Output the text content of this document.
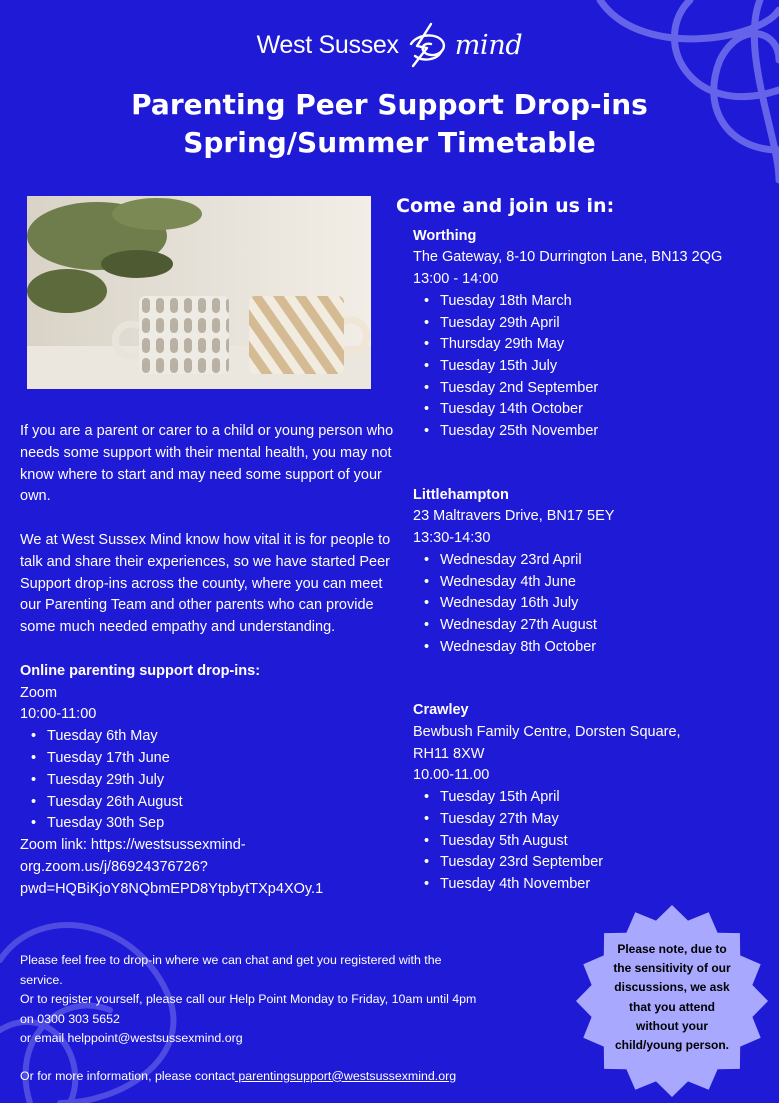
West Sussex mind
Parenting Peer Support Drop-ins
Spring/Summer Timetable

If you are a parent or carer to a child or young person who needs some support with their mental health, you may not know where to start and may need some support of your own.

We at West Sussex Mind know how vital it is for people to talk and share their experiences, so we have started Peer Support drop-ins across the county, where you can meet our Parenting Team and other parents who can provide some much needed empathy and understanding.

Online parenting support drop-ins:
Zoom
10:00-11:00
• Tuesday 6th May
• Tuesday 17th June
• Tuesday 29th July
• Tuesday 26th August
• Tuesday 30th Sep
Zoom link: https://westsussexmind-
org.zoom.us/j/86924376726?
pwd=HQBiKjoY8NQbmEPD8YtpbytTXp4XOy.1
Come and join us in:
Worthing
The Gateway, 8-10 Durrington Lane, BN13 2QG
13:00 - 14:00
• Tuesday 18th March
• Tuesday 29th April
• Thursday 29th May
• Tuesday 15th July
• Tuesday 2nd September
• Tuesday 14th October
• Tuesday 25th November
Littlehampton
23 Maltravers Drive, BN17 5EY
13:30-14:30
• Wednesday 23rd April
• Wednesday 4th June
• Wednesday 16th July
• Wednesday 27th August
• Wednesday 8th October
Crawley
Bewbush Family Centre, Dorsten Square,
RH11 8XW
10.00-11.00
• Tuesday 15th April
• Tuesday 27th May
• Tuesday 5th August
• Tuesday 23rd September
• Tuesday 4th November
Please feel free to drop-in where we can chat and get you registered with the
service.
Or to register yourself, please call our Help Point Monday to Friday, 10am until 4pm
on 0300 303 5652
or email helppoint@westsussexmind.org
Or for more information, please contact parentingsupport@westsussexmind.org
Please note, due to
the sensitivity of our
discussions, we ask
that you attend
without your
child/young person.
